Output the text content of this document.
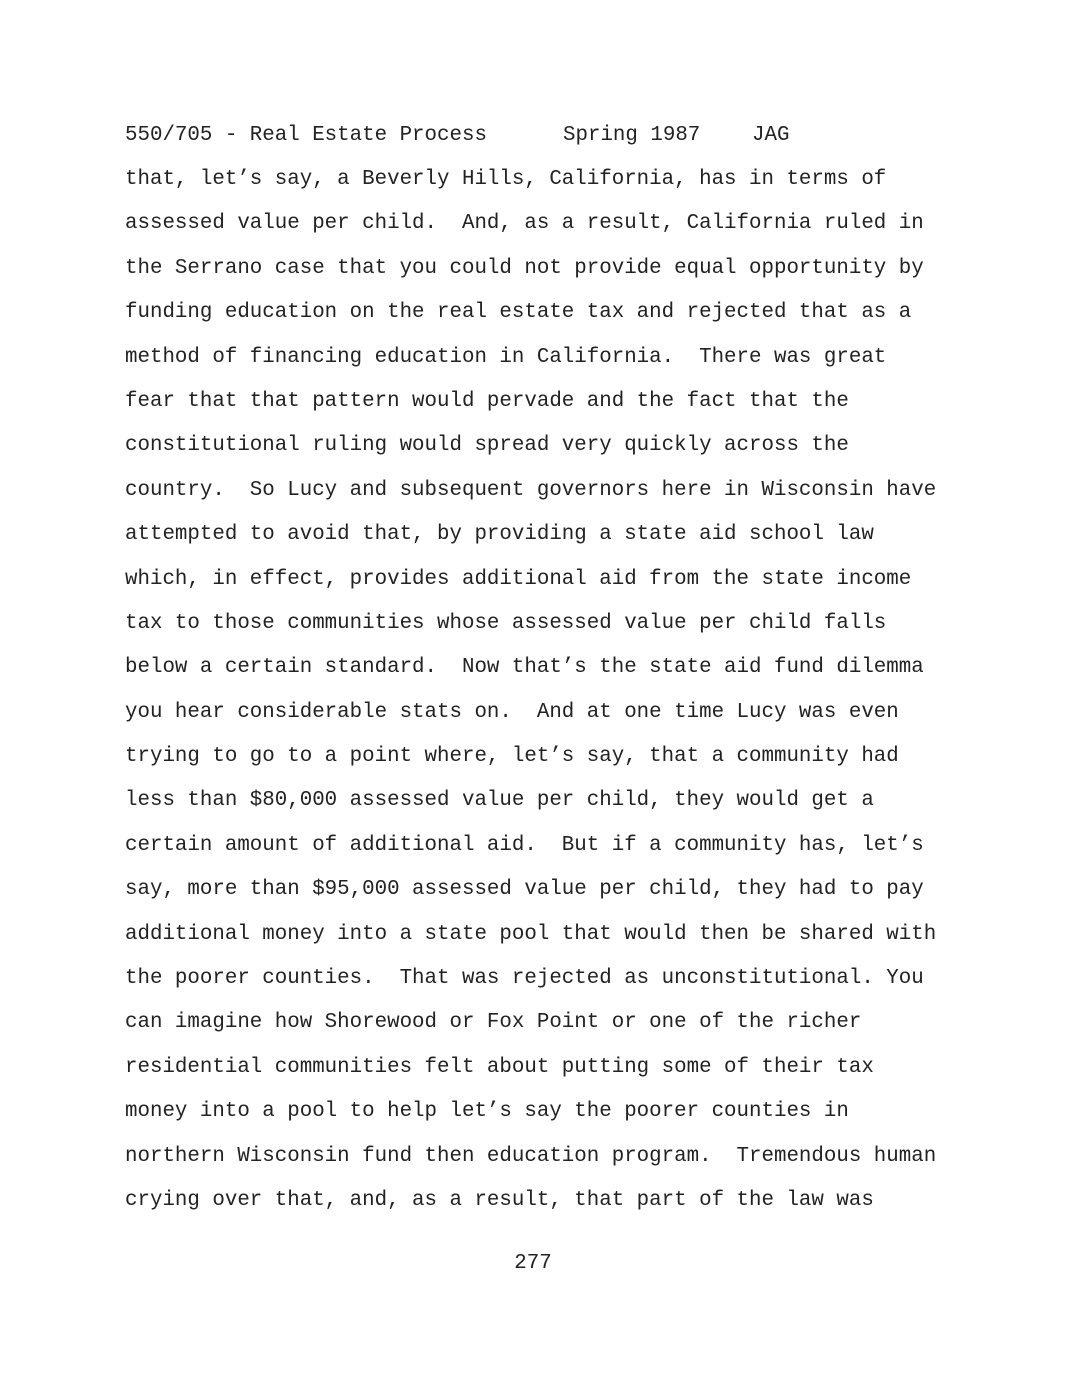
550/705 - Real Estate Process

	Spring 1987

JAG

that, let’s say, a Beverly Hills, California, has in terms of
assessed value per child.  And, as a result, California ruled in
the Serrano case that you could not provide equal opportunity by
funding education on the real estate tax and rejected that as a
method of financing education in California.  There was great
fear that that pattern would pervade and the fact that the
constitutional ruling would spread very quickly across the
country.  So Lucy and subsequent governors here in Wisconsin have
attempted to avoid that, by providing a state aid school law
which, in effect, provides additional aid from the state income
tax to those communities whose assessed value per child falls
below a certain standard.  Now that’s the state aid fund dilemma
you hear considerable stats on.  And at one time Lucy was even
trying to go to a point where, let’s say, that a community had
less than $80,000 assessed value per child, they would get a
certain amount of additional aid.  But if a community has, let’s
say, more than $95,000 assessed value per child, they had to pay
additional money into a state pool that would then be shared with
the poorer counties.  That was rejected as unconstitutional. You
can imagine how Shorewood or Fox Point or one of the richer
residential communities felt about putting some of their tax
money into a pool to help let’s say the poorer counties in
northern Wisconsin fund then education program.  Tremendous human
crying over that, and, as a result, that part of the law was
277
